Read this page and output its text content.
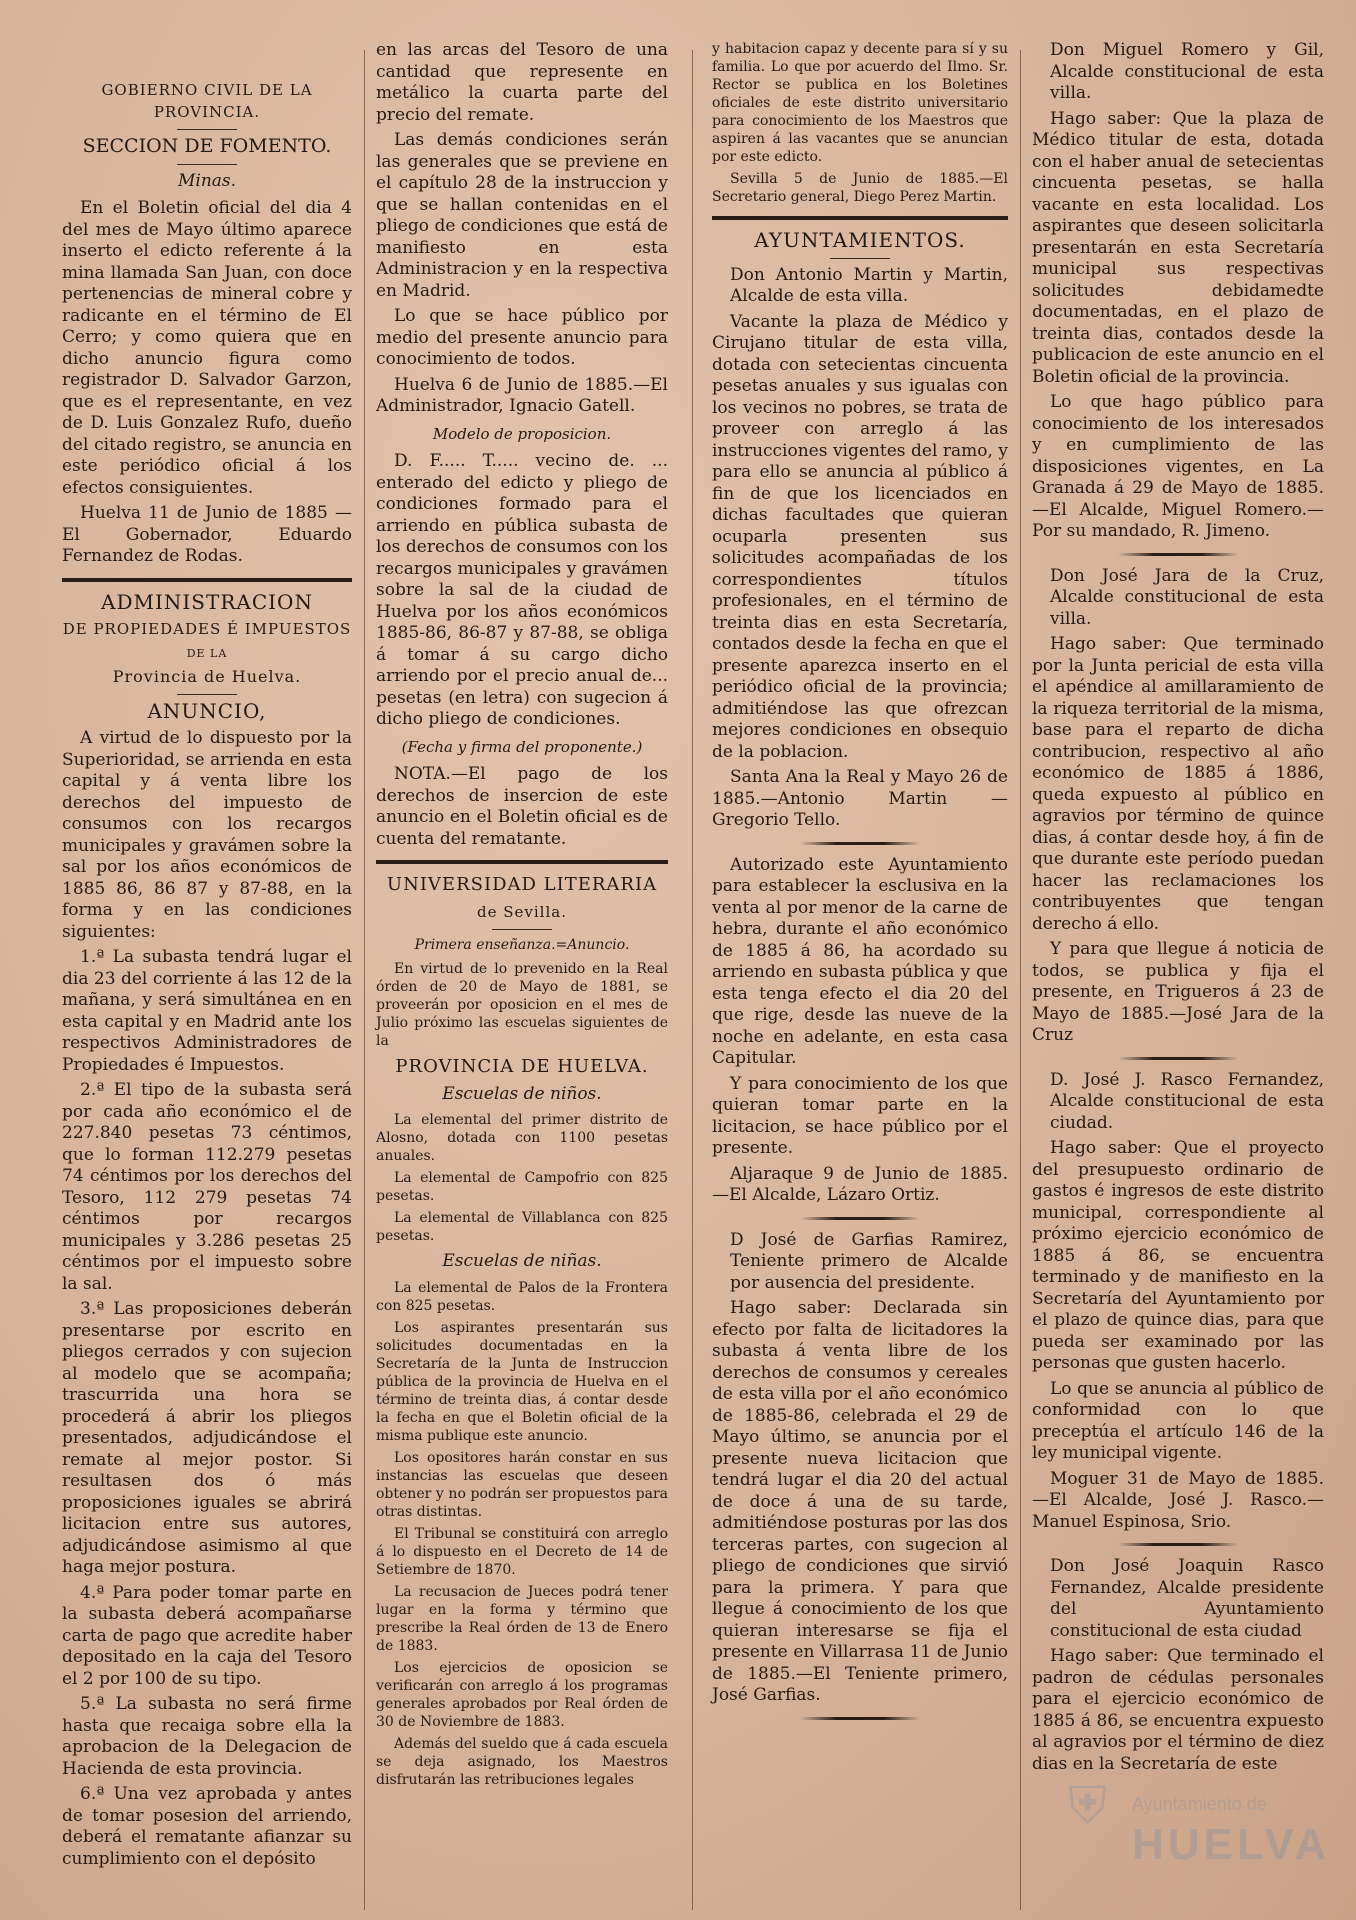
GOBIERNO CIVIL DE LA PROVINCIA.
SECCION DE FOMENTO.
Minas.

En el Boletin oficial del dia 4 del mes de Mayo último aparece inserto el edicto referente á la mina llamada San Juan, con doce pertenencias de mineral cobre y radicante en el término de El Cerro; y como quiera que en dicho anuncio figura como registrador D. Salvador Garzon, que es el representante, en vez de D. Luis Gonzalez Rufo, dueño del citado registro, se anuncia en este periódico oficial á los efectos consiguientes.

Huelva 11 de Junio de 1885 —El Gobernador, Eduardo Fernandez de Rodas.

ADMINISTRACION
DE PROPIEDADES É IMPUESTOS
DE LA
Provincia de Huelva.
ANUNCIO,

A virtud de lo dispuesto por la Superioridad, se arrienda en esta capital y á venta libre los derechos del impuesto de consumos con los recargos municipales y gravámen sobre la sal por los años económicos de 1885 86, 86 87 y 87-88, en la forma y en las condiciones siguientes:

1.ª La subasta tendrá lugar el dia 23 del corriente á las 12 de la mañana, y será simultánea en en esta capital y en Madrid ante los respectivos Administradores de Propiedades é Impuestos.

2.ª El tipo de la subasta será por cada año económico el de 227.840 pesetas 73 céntimos, que lo forman 112.279 pesetas 74 céntimos por los derechos del Tesoro, 112 279 pesetas 74 céntimos por recargos municipales y 3.286 pesetas 25 céntimos por el impuesto sobre la sal.

3.ª Las proposiciones deberán presentarse por escrito en pliegos cerrados y con sujecion al modelo que se acompaña; trascurrida una hora se procederá á abrir los pliegos presentados, adjudicándose el remate al mejor postor. Si resultasen dos ó más proposiciones iguales se abrirá licitacion entre sus autores, adjudicándose asimismo al que haga mejor postura.

4.ª Para poder tomar parte en la subasta deberá acompañarse carta de pago que acredite haber depositado en la caja del Tesoro el 2 por 100 de su tipo.

5.ª La subasta no será firme hasta que recaiga sobre ella la aprobacion de la Delegacion de Hacienda de esta provincia.

6.ª Una vez aprobada y antes de tomar posesion del arriendo, deberá el rematante afianzar su cumplimiento con el depósito

en las arcas del Tesoro de una cantidad que represente en metálico la cuarta parte del precio del remate.

Las demás condiciones serán las generales que se previene en el capítulo 28 de la instruccion y que se hallan contenidas en el pliego de condiciones que está de manifiesto en esta Administracion y en la respectiva en Madrid.

Lo que se hace público por medio del presente anuncio para conocimiento de todos.

Huelva 6 de Junio de 1885.—El Administrador, Ignacio Gatell.

Modelo de proposicion.

D. F..... T..... vecino de. ... enterado del edicto y pliego de condiciones formado para el arriendo en pública subasta de los derechos de consumos con los recargos municipales y gravámen sobre la sal de la ciudad de Huelva por los años económicos 1885-86, 86-87 y 87-88, se obliga á tomar á su cargo dicho arriendo por el precio anual de... pesetas (en letra) con sugecion á dicho pliego de condiciones.

(Fecha y firma del proponente.)

NOTA.—El pago de los derechos de insercion de este anuncio en el Boletin oficial es de cuenta del rematante.

UNIVERSIDAD LITERARIA
de Sevilla.
Primera enseñanza.=Anuncio.

En virtud de lo prevenido en la Real órden de 20 de Mayo de 1881, se proveerán por oposicion en el mes de Julio próximo las escuelas siguientes de la

PROVINCIA DE HUELVA.
Escuelas de niños.

La elemental del primer distrito de Alosno, dotada con 1100 pesetas anuales.

La elemental de Campofrio con 825 pesetas.

La elemental de Villablanca con 825 pesetas.

Escuelas de niñas.

La elemental de Palos de la Frontera con 825 pesetas.

Los aspirantes presentarán sus solicitudes documentadas en la Secretaría de la Junta de Instruccion pública de la provincia de Huelva en el término de treinta dias, á contar desde la fecha en que el Boletin oficial de la misma publique este anuncio.

Los opositores harán constar en sus instancias las escuelas que deseen obtener y no podrán ser propuestos para otras distintas.

El Tribunal se constituirá con arreglo á lo dispuesto en el Decreto de 14 de Setiembre de 1870.

La recusacion de Jueces podrá tener lugar en la forma y término que prescribe la Real órden de 13 de Enero de 1883.

Los ejercicios de oposicion se verificarán con arreglo á los programas generales aprobados por Real órden de 30 de Noviembre de 1883.

Además del sueldo que á cada escuela se deja asignado, los Maestros disfrutarán las retribuciones legales

y habitacion capaz y decente para sí y su familia. Lo que por acuerdo del Ilmo. Sr. Rector se publica en los Boletines oficiales de este distrito universitario para conocimiento de los Maestros que aspiren á las vacantes que se anuncian por este edicto.

Sevilla 5 de Junio de 1885.—El Secretario general, Diego Perez Martin.

AYUNTAMIENTOS.

Don Antonio Martin y Martin, Alcalde de esta villa.

Vacante la plaza de Médico y Cirujano titular de esta villa, dotada con setecientas cincuenta pesetas anuales y sus igualas con los vecinos no pobres, se trata de proveer con arreglo á las instrucciones vigentes del ramo, y para ello se anuncia al público á fin de que los licenciados en dichas facultades que quieran ocuparla presenten sus solicitudes acompañadas de los correspondientes títulos profesionales, en el término de treinta dias en esta Secretaría, contados desde la fecha en que el presente aparezca inserto en el periódico oficial de la provincia; admitiéndose las que ofrezcan mejores condiciones en obsequio de la poblacion.

Santa Ana la Real y Mayo 26 de 1885.—Antonio Martin — Gregorio Tello.

Autorizado este Ayuntamiento para establecer la esclusiva en la venta al por menor de la carne de hebra, durante el año económico de 1885 á 86, ha acordado su arriendo en subasta pública y que esta tenga efecto el dia 20 del que rige, desde las nueve de la noche en adelante, en esta casa Capitular.

Y para conocimiento de los que quieran tomar parte en la licitacion, se hace público por el presente.

Aljaraque 9 de Junio de 1885. —El Alcalde, Lázaro Ortiz.

D José de Garfias Ramirez, Teniente primero de Alcalde por ausencia del presidente.

Hago saber: Declarada sin efecto por falta de licitadores la subasta á venta libre de los derechos de consumos y cereales de esta villa por el año económico de 1885-86, celebrada el 29 de Mayo último, se anuncia por el presente nueva licitacion que tendrá lugar el dia 20 del actual de doce á una de su tarde, admitiéndose posturas por las dos terceras partes, con sugecion al pliego de condiciones que sirvió para la primera. Y para que llegue á conocimiento de los que quieran interesarse se fija el presente en Villarrasa 11 de Junio de 1885.—El Teniente primero, José Garfias.

Don Miguel Romero y Gil, Alcalde constitucional de esta villa.

Hago saber: Que la plaza de Médico titular de esta, dotada con el haber anual de setecientas cincuenta pesetas, se halla vacante en esta localidad. Los aspirantes que deseen solicitarla presentarán en esta Secretaría municipal sus respectivas solicitudes debidamedte documentadas, en el plazo de treinta dias, contados desde la publicacion de este anuncio en el Boletin oficial de la provincia.

Lo que hago público para conocimiento de los interesados y en cumplimiento de las disposiciones vigentes, en La Granada á 29 de Mayo de 1885.—El Alcalde, Miguel Romero.—Por su mandado, R. Jimeno.

Don José Jara de la Cruz, Alcalde constitucional de esta villa.

Hago saber: Que terminado por la Junta pericial de esta villa el apéndice al amillaramiento de la riqueza territorial de la misma, base para el reparto de dicha contribucion, respectivo al año económico de 1885 á 1886, queda expuesto al público en agravios por término de quince dias, á contar desde hoy, á fin de que durante este período puedan hacer las reclamaciones los contribuyentes que tengan derecho á ello.

Y para que llegue á noticia de todos, se publica y fija el presente, en Trigueros á 23 de Mayo de 1885.—José Jara de la Cruz

D. José J. Rasco Fernandez, Alcalde constitucional de esta ciudad.

Hago saber: Que el proyecto del presupuesto ordinario de gastos é ingresos de este distrito municipal, correspondiente al próximo ejercicio económico de 1885 á 86, se encuentra terminado y de manifiesto en la Secretaría del Ayuntamiento por el plazo de quince dias, para que pueda ser examinado por las personas que gusten hacerlo.

Lo que se anuncia al público de conformidad con lo que preceptúa el artículo 146 de la ley municipal vigente.

Moguer 31 de Mayo de 1885. —El Alcalde, José J. Rasco.— Manuel Espinosa, Srio.

Don José Joaquin Rasco Fernandez, Alcalde presidente del Ayuntamiento constitucional de esta ciudad

Hago saber: Que terminado el padron de cédulas personales para el ejercicio económico de 1885 á 86, se encuentra expuesto al agravios por el término de diez dias en la Secretaría de este

⛨ Ayuntamiento de
HUELVA
